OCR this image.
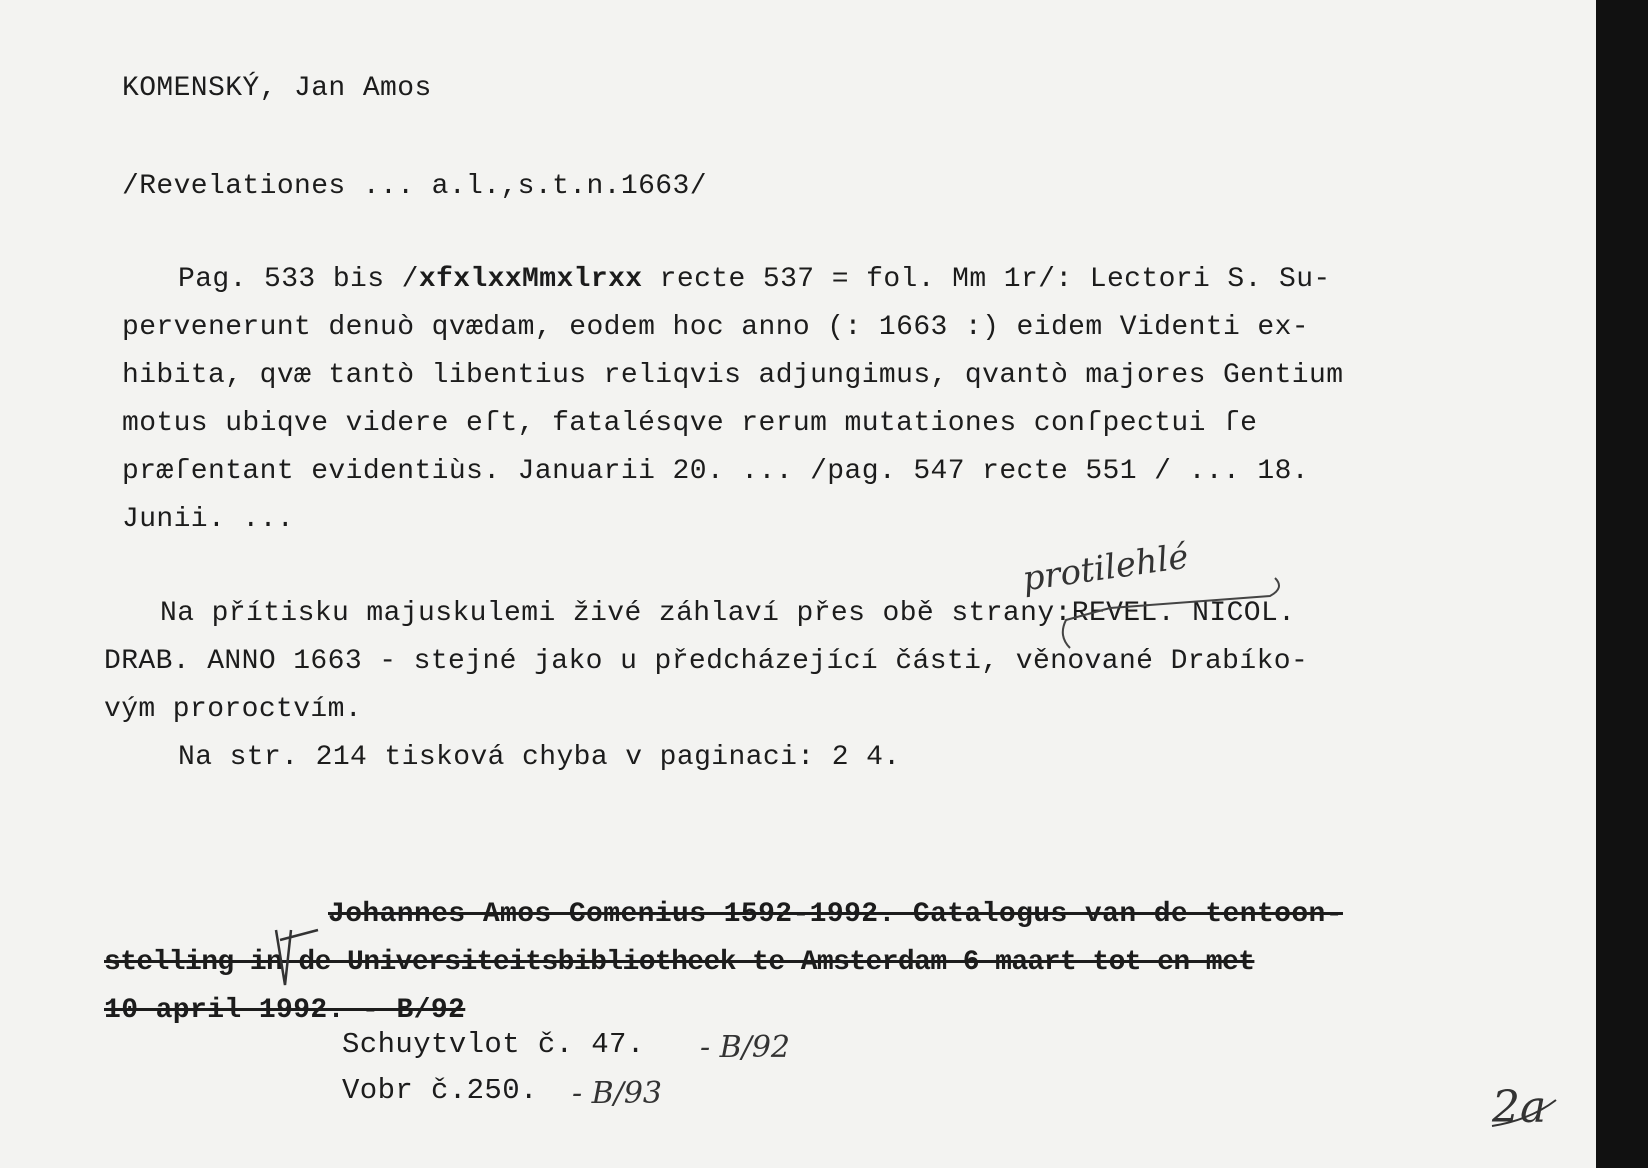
KOMENSKÝ, Jan Amos
/Revelationes ... a.l.,s.t.n.1663/
Pag. 533 bis /xfxlxxMmxlrxx recte 537 = fol. Mm 1r/: Lectori S. Su-
pervenerunt denuò qvædam, eodem hoc anno (: 1663 :) eidem Videnti ex-
hibita, qvæ tantò libentius reliqvis adjungimus, qvantò majores Gentium
motus ubiqve videre eſt, fatalésqve rerum mutationes conſpectui ſe
præſentant evidentiùs. Januarii 20. ... /pag. 547 recte 551 / ... 18.
Junii. ...
protilehlé
Na přítisku majuskulemi živé záhlaví přes obě strany:REVEL. NICOL.
DRAB. ANNO 1663 - stejné jako u předcházející části, věnované Drabíko-
vým proroctvím.
Na str. 214 tisková chyba v paginaci: 2 4.
Johannes Amos Comenius 1592-1992. Catalogus van de tentoon-
stelling in de Universiteitsbibliotheek te Amsterdam 6 maart tot en met
10 april 1992. - B/92
Schuytvlot č. 47. - B/92
Vobr č.250. - B/93	2a
